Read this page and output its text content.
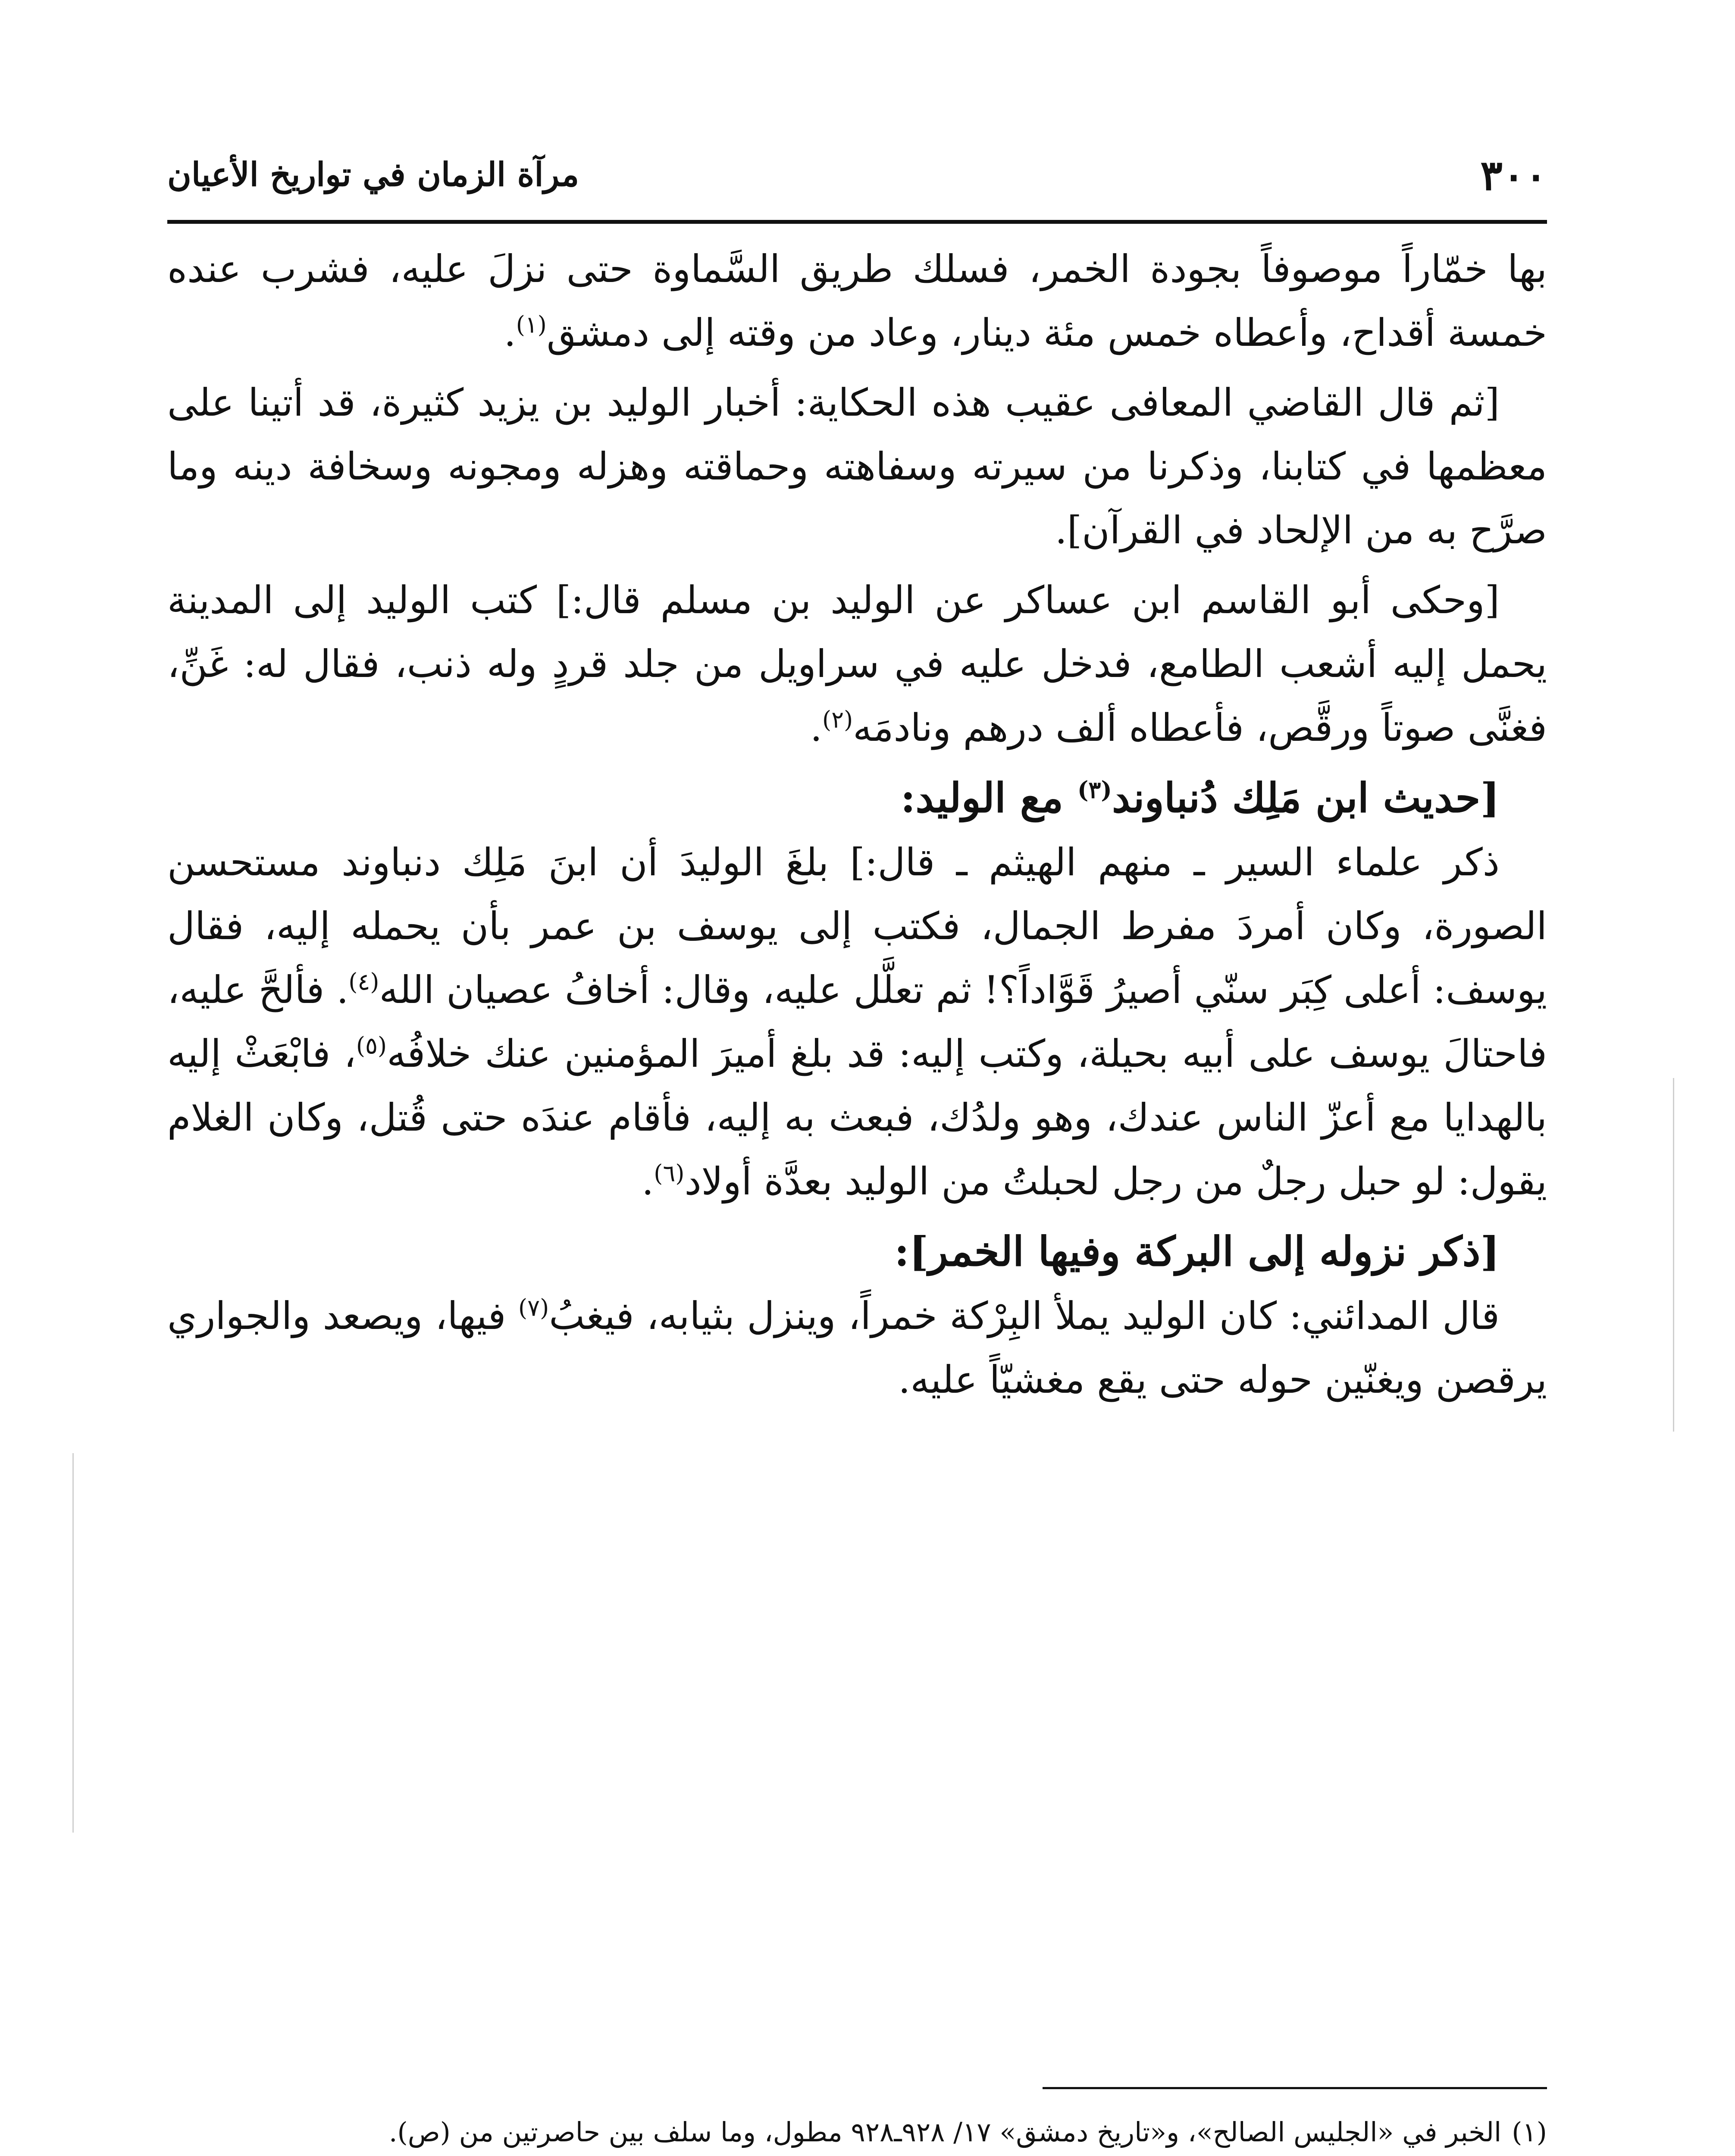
٣٠٠
مرآة الزمان في تواريخ الأعيان

بها خمّاراً موصوفاً بجودة الخمر، فسلك طريق السَّماوة حتى نزلَ عليه، فشرب عنده خمسة أقداح، وأعطاه خمس مئة دينار، وعاد من وقته إلى دمشق$^{(١)}$.

[ثم قال القاضي المعافى عقيب هذه الحكاية: أخبار الوليد بن يزيد كثيرة، قد أتينا على معظمها في كتابنا، وذكرنا من سيرته وسفاهته وحماقته وهزله ومجونه وسخافة دينه وما صرَّح به من الإلحاد في القرآن].

[وحكى أبو القاسم ابن عساكر عن الوليد بن مسلم قال:] كتب الوليد إلى المدينة يحمل إليه أشعب الطامع، فدخل عليه في سراويل من جلد قردٍ وله ذنب، فقال له: غَنِّ، فغنَّى صوتاً ورقَّص، فأعطاه ألف درهم ونادمَه$^{(٢)}$.

[حديث ابن مَلِك دُنباوند$^{(٣)}$ مع الوليد:

ذكر علماء السير ـ منهم الهيثم ـ قال:] بلغَ الوليدَ أن ابنَ مَلِك دنباوند مستحسن الصورة، وكان أمردَ مفرط الجمال، فكتب إلى يوسف بن عمر بأن يحمله إليه، فقال يوسف: أعلى كِبَر سنّي أصيرُ قَوَّاداً؟! ثم تعلَّل عليه، وقال: أخافُ عصيان الله$^{(٤)}$. فألحَّ عليه، فاحتالَ يوسف على أبيه بحيلة، وكتب إليه: قد بلغ أميرَ المؤمنين عنك خلافُه$^{(٥)}$، فابْعَثْ إليه بالهدايا مع أعزّ الناس عندك، وهو ولدُك، فبعث به إليه، فأقام عندَه حتى قُتل، وكان الغلام يقول: لو حبل رجلٌ من رجل لحبلتُ من الوليد بعدَّة أولاد$^{(٦)}$.

[ذكر نزوله إلى البركة وفيها الخمر]:

قال المدائني: كان الوليد يملأ البِرْكة خمراً، وينزل بثيابه، فيغبُ$^{(٧)}$ فيها، ويصعد والجواري يرقصن ويغنّين حوله حتى يقع مغشيّاً عليه.

(١)الخبر في «الجليس الصالح»، و«تاريخ دمشق» ١٧/ ٩٢٨ـ٩٢٨ مطول، وما سلف بين حاصرتين من (ص).
